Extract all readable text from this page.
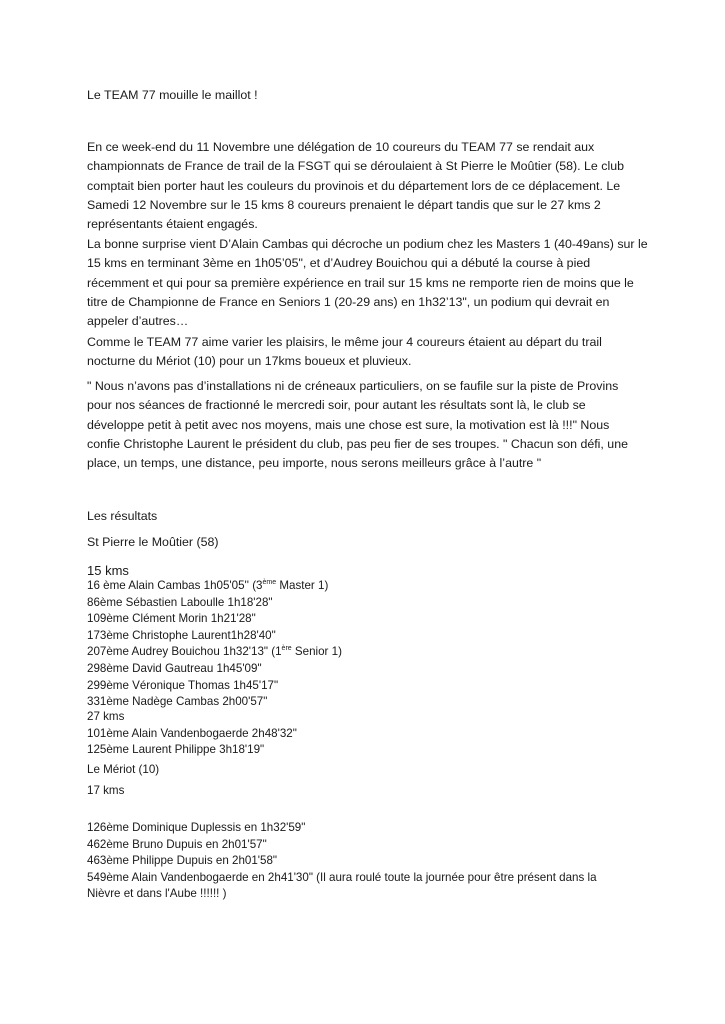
Le TEAM 77 mouille le maillot !
En ce week-end du 11 Novembre une délégation de 10 coureurs du TEAM 77 se rendait aux
championnats de France de trail de la FSGT qui se déroulaient à St Pierre le Moûtier (58). Le club
comptait bien porter haut les couleurs du provinois et du département lors de ce déplacement. Le
Samedi 12 Novembre sur le 15 kms 8 coureurs prenaient le départ tandis que sur le 27 kms 2
représentants étaient engagés.
La bonne surprise vient D’Alain Cambas qui décroche un podium chez les Masters 1 (40-49ans) sur le
15 kms en terminant 3ème en 1h05’05", et d’Audrey Bouichou qui a débuté la course à pied
récemment et qui pour sa première expérience en trail sur 15 kms ne remporte rien de moins que le
titre de Championne de France en Seniors 1 (20-29 ans) en 1h32’13", un podium qui devrait en
appeler d’autres…
Comme le TEAM 77 aime varier les plaisirs, le même jour 4 coureurs étaient au départ du trail
nocturne du Mériot (10) pour un 17kms boueux et pluvieux.
" Nous n’avons pas d’installations ni de créneaux particuliers, on se faufile sur la piste de Provins
pour nos séances de fractionné le mercredi soir, pour autant les résultats sont là, le club se
développe petit à petit avec nos moyens, mais une chose est sure, la motivation est là !!!" Nous
confie Christophe Laurent le président du club, pas peu fier de ses troupes. " Chacun son défi, une
place, un temps, une distance, peu importe, nous serons meilleurs grâce à l’autre "
Les résultats
St Pierre le Moûtier (58)
15 kms
16 ème Alain Cambas 1h05'05'' (3ème Master 1)
86ème Sébastien Laboulle 1h18'28"
109ème Clément Morin 1h21'28"
173ème Christophe Laurent1h28'40"
207ème Audrey Bouichou 1h32'13" (1ère Senior 1)
298ème David Gautreau 1h45'09"
299ème Véronique Thomas 1h45'17"
331ème Nadège Cambas 2h00'57"
27 kms
101ème Alain Vandenbogaerde 2h48'32"
125ème Laurent Philippe 3h18'19"
Le Mériot (10)
17 kms
126ème Dominique Duplessis en 1h32'59"
462ème Bruno Dupuis en 2h01'57"
463ème Philippe Dupuis en 2h01'58"
549ème Alain Vandenbogaerde en 2h41'30" (Il aura roulé toute la journée pour être présent dans la
Nièvre et dans l'Aube !!!!!! )
